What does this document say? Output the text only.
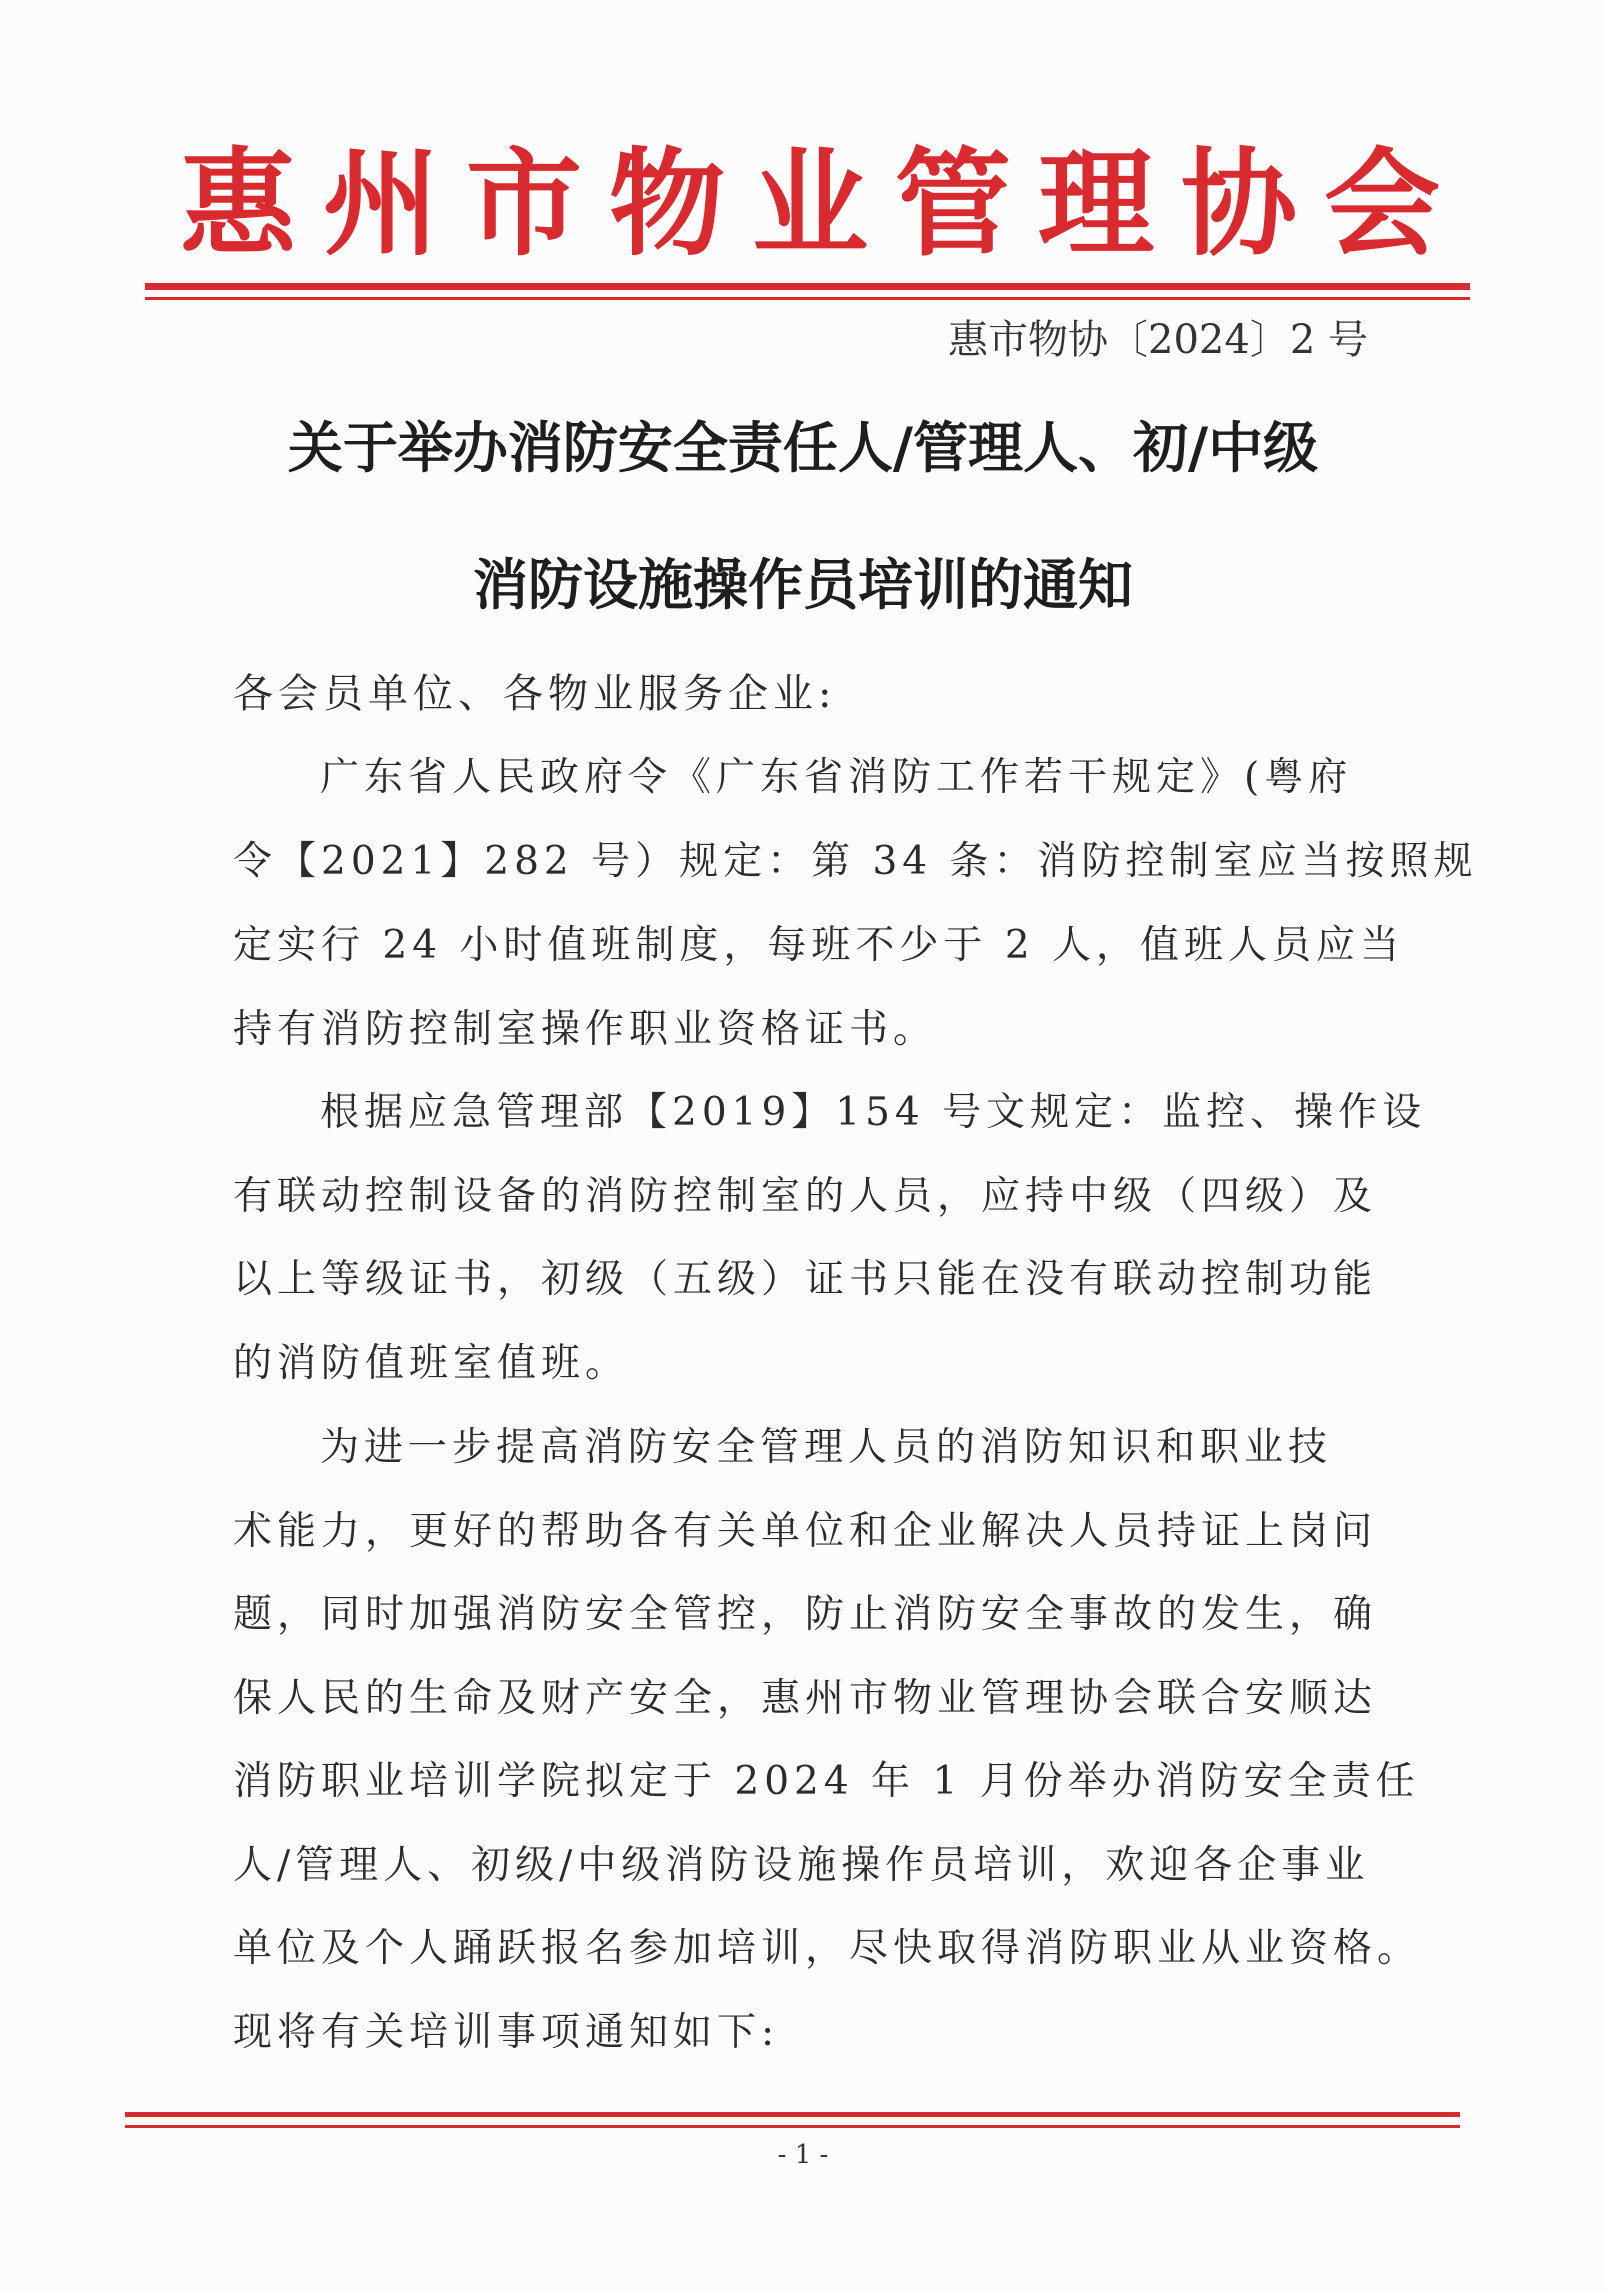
惠州市物业管理协会
惠市物协〔2024〕2 号
关于举办消防安全责任人/管理人、初/中级
消防设施操作员培训的通知
各会员单位、各物业服务企业:
广东省人民政府令《广东省消防工作若干规定》(粤府
令【2021】282 号）规定：第 34 条：消防控制室应当按照规
定实行 24 小时值班制度，每班不少于 2 人，值班人员应当
持有消防控制室操作职业资格证书。
根据应急管理部【2019】154 号文规定：监控、操作设
有联动控制设备的消防控制室的人员，应持中级（四级）及
以上等级证书，初级（五级）证书只能在没有联动控制功能
的消防值班室值班。
为进一步提高消防安全管理人员的消防知识和职业技
术能力，更好的帮助各有关单位和企业解决人员持证上岗问
题，同时加强消防安全管控，防止消防安全事故的发生，确
保人民的生命及财产安全，惠州市物业管理协会联合安顺达
消防职业培训学院拟定于 2024 年 1 月份举办消防安全责任
人/管理人、初级/中级消防设施操作员培训，欢迎各企事业
单位及个人踊跃报名参加培训，尽快取得消防职业从业资格。
现将有关培训事项通知如下:
- 1 -
